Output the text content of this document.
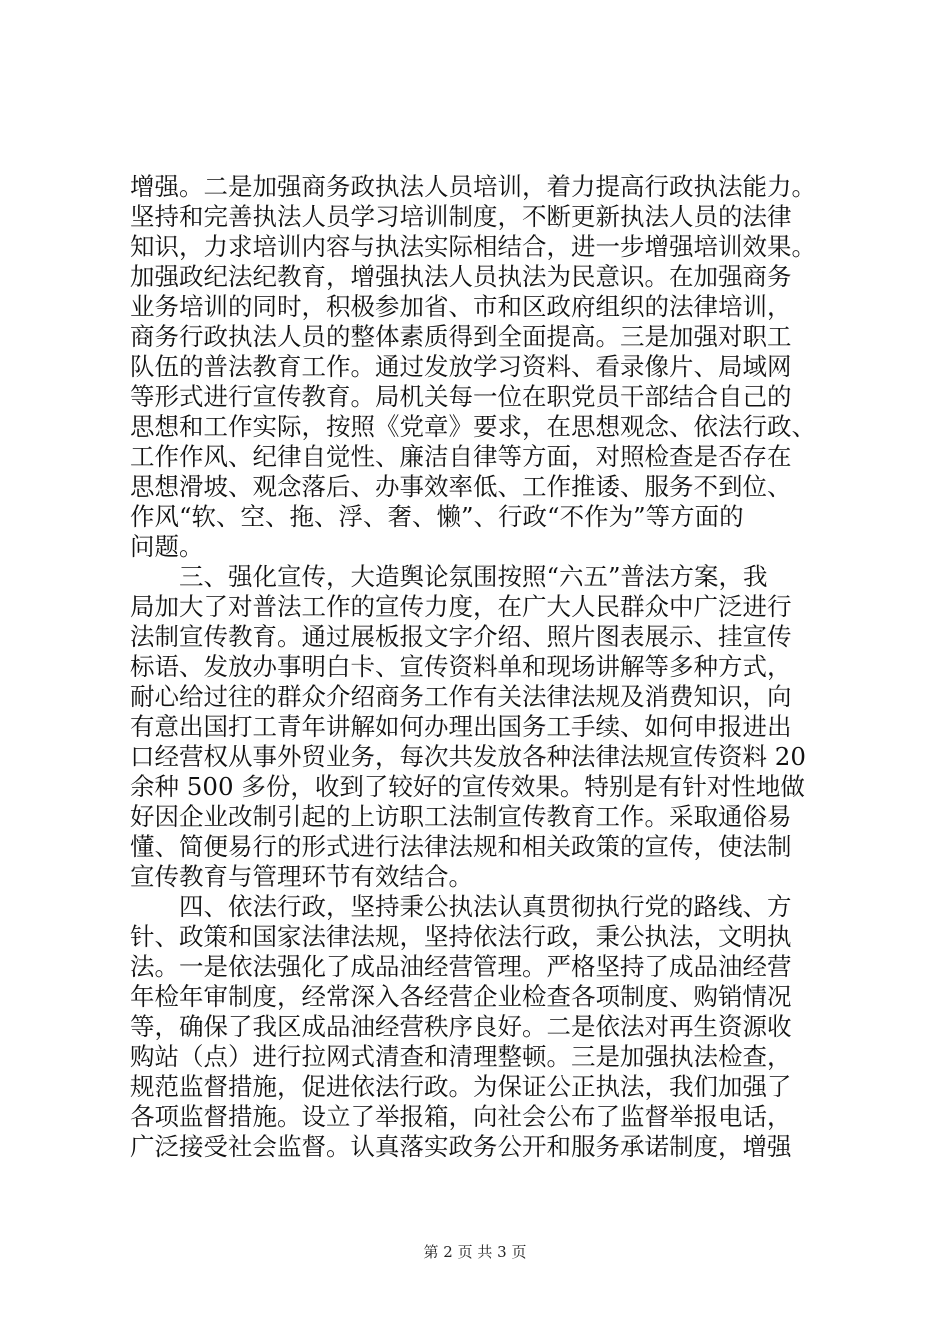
增强。二是加强商务政执法人员培训，着力提高行政执法能力。
坚持和完善执法人员学习培训制度，不断更新执法人员的法律
知识，力求培训内容与执法实际相结合，进一步增强培训效果。
加强政纪法纪教育，增强执法人员执法为民意识。在加强商务
业务培训的同时，积极参加省、市和区政府组织的法律培训，
商务行政执法人员的整体素质得到全面提高。三是加强对职工
队伍的普法教育工作。通过发放学习资料、看录像片、局域网
等形式进行宣传教育。局机关每一位在职党员干部结合自己的
思想和工作实际，按照《党章》要求，在思想观念、依法行政、
工作作风、纪律自觉性、廉洁自律等方面，对照检查是否存在
思想滑坡、观念落后、办事效率低、工作推诿、服务不到位、
作风“软、空、拖、浮、奢、懒”、行政“不作为”等方面的
问题。
三、强化宣传，大造舆论氛围按照“六五”普法方案，我
局加大了对普法工作的宣传力度，在广大人民群众中广泛进行
法制宣传教育。通过展板报文字介绍、照片图表展示、挂宣传
标语、发放办事明白卡、宣传资料单和现场讲解等多种方式，
耐心给过往的群众介绍商务工作有关法律法规及消费知识，向
有意出国打工青年讲解如何办理出国务工手续、如何申报进出
口经营权从事外贸业务，每次共发放各种法律法规宣传资料 20
余种 500 多份，收到了较好的宣传效果。特别是有针对性地做
好因企业改制引起的上访职工法制宣传教育工作。采取通俗易
懂、简便易行的形式进行法律法规和相关政策的宣传，使法制
宣传教育与管理环节有效结合。
四、依法行政，坚持秉公执法认真贯彻执行党的路线、方
针、政策和国家法律法规，坚持依法行政，秉公执法，文明执
法。一是依法强化了成品油经营管理。严格坚持了成品油经营
年检年审制度，经常深入各经营企业检查各项制度、购销情况
等，确保了我区成品油经营秩序良好。二是依法对再生资源收
购站（点）进行拉网式清查和清理整顿。三是加强执法检查，
规范监督措施，促进依法行政。为保证公正执法，我们加强了
各项监督措施。设立了举报箱，向社会公布了监督举报电话，
广泛接受社会监督。认真落实政务公开和服务承诺制度，增强
第 2 页 共 3 页
